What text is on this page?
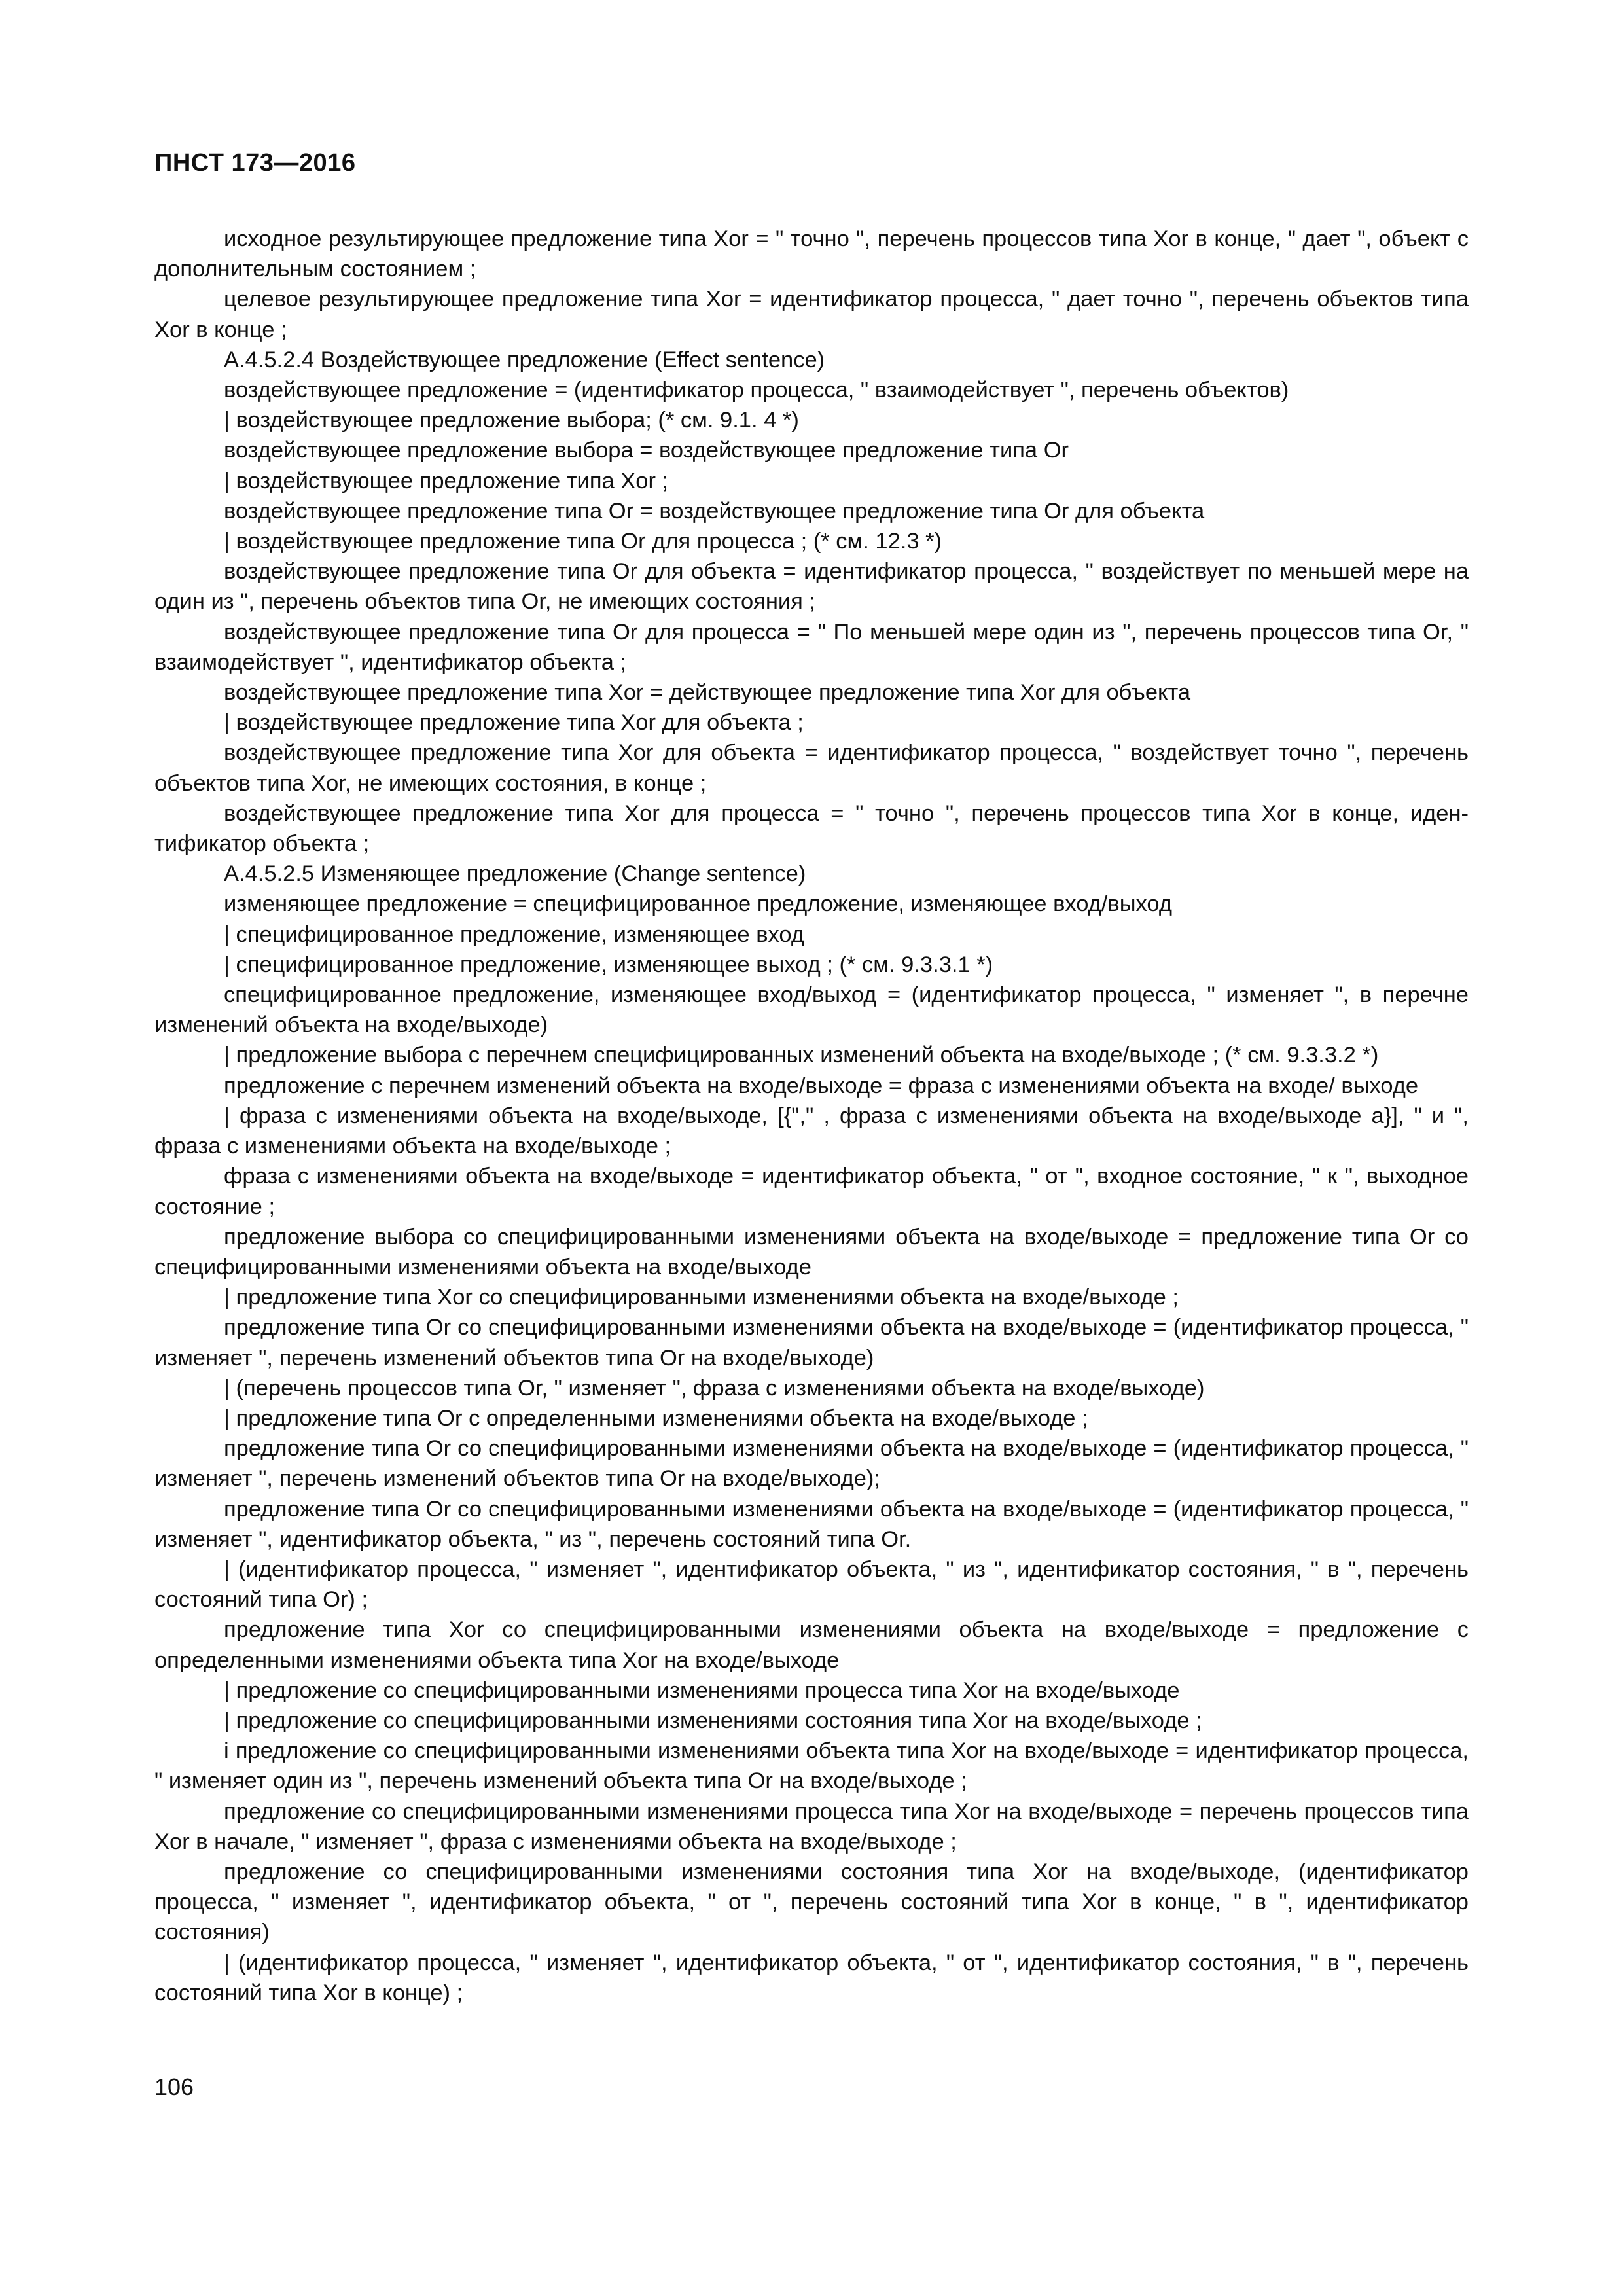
ПНСТ 173—2016

исходное результирующее предложение типа Xor = " точно ", перечень процессов типа Xor в конце, " дает ", объект с дополнительным состоянием ;

целевое результирующее предложение типа Xor = идентификатор процесса, " дает точно ", перечень объектов типа Xor в конце ;

А.4.5.2.4 Воздействующее предложение (Effect sentence)

воздействующее предложение = (идентификатор процесса, " взаимодействует ", перечень объектов)

| воздействующее предложение выбора; (* см. 9.1. 4 *)

воздействующее предложение выбора = воздействующее предложение типа Or

| воздействующее предложение типа Xor ;

воздействующее предложение типа Or = воздействующее предложение типа Or для объекта

| воздействующее предложение типа Or для процесса ; (* см. 12.3 *)

воздействующее предложение типа Or для объекта = идентификатор процесса, " воздействует по меньшей мере на один из ", перечень объектов типа Or, не имеющих состояния ;

воздействующее предложение типа Or для процесса = " По меньшей мере один из ", перечень процессов типа Or, " взаимодействует ", идентификатор объекта ;

воздействующее предложение типа Xor = действующее предложение типа Xor для объекта

| воздействующее предложение типа Xor для объекта ;

воздействующее предложение типа Xor для объекта = идентификатор процесса, " воздействует точно ", перечень объектов типа Xor, не имеющих состояния, в конце ;

воздействующее предложение типа Xor для процесса = " точно ", перечень процессов типа Xor в конце, идентификатор объекта ;

А.4.5.2.5 Изменяющее предложение (Change sentence)

изменяющее предложение = специфицированное предложение, изменяющее вход/выход

| специфицированное предложение, изменяющее вход

| специфицированное предложение, изменяющее выход ; (* см. 9.3.3.1 *)

специфицированное предложение, изменяющее вход/выход = (идентификатор процесса, " изменяет ", в перечне изменений объекта на входе/выходе)

| предложение выбора с перечнем специфицированных изменений объекта на входе/выходе ; (* см. 9.3.3.2 *)

предложение с перечнем изменений объекта на входе/выходе = фраза с изменениями объекта на входе/ выходе

| фраза с изменениями объекта на входе/выходе, [{"," , фраза с изменениями объекта на входе/выходе a}], " и ", фраза с изменениями объекта на входе/выходе ;

фраза с изменениями объекта на входе/выходе = идентификатор объекта, " от ", входное состояние, " к ", выходное состояние ;

предложение выбора со специфицированными изменениями объекта на входе/выходе = предложение типа Or со специфицированными изменениями объекта на входе/выходе

| предложение типа Xor со специфицированными изменениями объекта на входе/выходе ;

предложение типа Or со специфицированными изменениями объекта на входе/выходе = (идентификатор процесса, " изменяет ", перечень изменений объектов типа Or на входе/выходе)

| (перечень процессов типа Or, " изменяет ", фраза с изменениями объекта на входе/выходе)

| предложение типа Or с определенными изменениями объекта на входе/выходе ;

предложение типа Or со специфицированными изменениями объекта на входе/выходе = (идентификатор процесса, " изменяет ", перечень изменений объектов типа Or на входе/выходе);

предложение типа Or со специфицированными изменениями объекта на входе/выходе = (идентификатор процесса, " изменяет ", идентификатор объекта, " из ", перечень состояний типа Or.

| (идентификатор процесса, " изменяет ", идентификатор объекта, " из ", идентификатор состояния, " в ", перечень состояний типа Or) ;

предложение типа Xor со специфицированными изменениями объекта на входе/выходе = предложение с определенными изменениями объекта типа Xor на входе/выходе

| предложение со специфицированными изменениями процесса типа Xor на входе/выходе

| предложение со специфицированными изменениями состояния типа Xor на входе/выходе ;

i предложение со специфицированными изменениями объекта типа Xor на входе/выходе = идентификатор процесса, " изменяет один из ", перечень изменений объекта типа Or на входе/выходе ;

предложение со специфицированными изменениями процесса типа Xor на входе/выходе = перечень процессов типа Xor в начале, " изменяет ", фраза с изменениями объекта на входе/выходе ;

предложение со специфицированными изменениями состояния типа Xor на входе/выходе, (идентификатор процесса, " изменяет ", идентификатор объекта, " от ", перечень состояний типа Xor в конце, " в ", идентификатор состояния)

| (идентификатор процесса, " изменяет ", идентификатор объекта, " от ", идентификатор состояния, " в ", перечень состояний типа Xor в конце) ;

106
